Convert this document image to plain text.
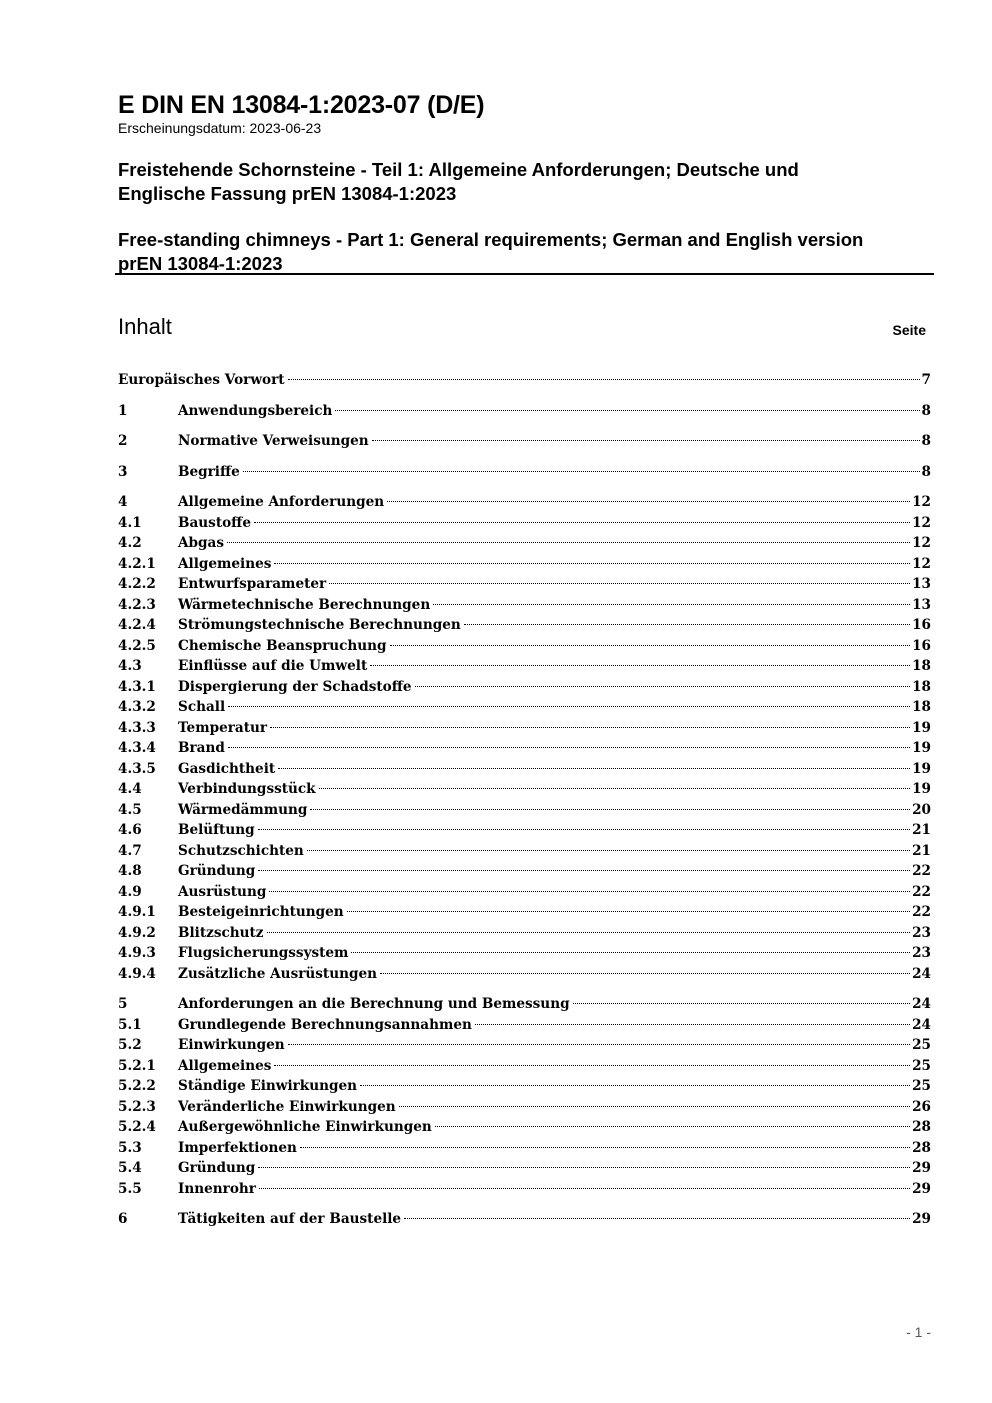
E DIN EN 13084-1:2023-07 (D/E)
Erscheinungsdatum: 2023-06-23
Freistehende Schornsteine - Teil 1: Allgemeine Anforderungen; Deutsche und
Englische Fassung prEN 13084-1:2023
Free-standing chimneys - Part 1: General requirements; German and English version
prEN 13084-1:2023
Inhalt	Seite
Europäisches Vorwort	7
1	Anwendungsbereich	8
2	Normative Verweisungen	8
3	Begriffe	8
4	Allgemeine Anforderungen	12
4.1	Baustoffe	12
4.2	Abgas	12
4.2.1 Allgemeines	12
4.2.2 Entwurfsparameter	13
4.2.3 Wärmetechnische Berechnungen	13
4.2.4 Strömungstechnische Berechnungen	16
4.2.5 Chemische Beanspruchung	16
4.3	Einflüsse auf die Umwelt	18
4.3.1 Dispergierung der Schadstoffe	18
4.3.2 Schall	18
4.3.3 Temperatur	19
4.3.4 Brand	19
4.3.5 Gasdichtheit	19
4.4	Verbindungsstück	19
4.5	Wärmedämmung	20
4.6	Belüftung	21
4.7	Schutzschichten	21
4.8	Gründung	22
4.9	Ausrüstung	22
4.9.1 Besteigeinrichtungen	22
4.9.2 Blitzschutz	23
4.9.3 Flugsicherungssystem	23
4.9.4 Zusätzliche Ausrüstungen	24
5	Anforderungen an die Berechnung und Bemessung	24
5.1	Grundlegende Berechnungsannahmen	24
5.2	Einwirkungen	25
5.2.1 Allgemeines	25
5.2.2 Ständige Einwirkungen	25
5.2.3 Veränderliche Einwirkungen	26
5.2.4 Außergewöhnliche Einwirkungen	28
5.3	Imperfektionen	28
5.4	Gründung	29
5.5	Innenrohr	29
6	Tätigkeiten auf der Baustelle	29
- 1 -
